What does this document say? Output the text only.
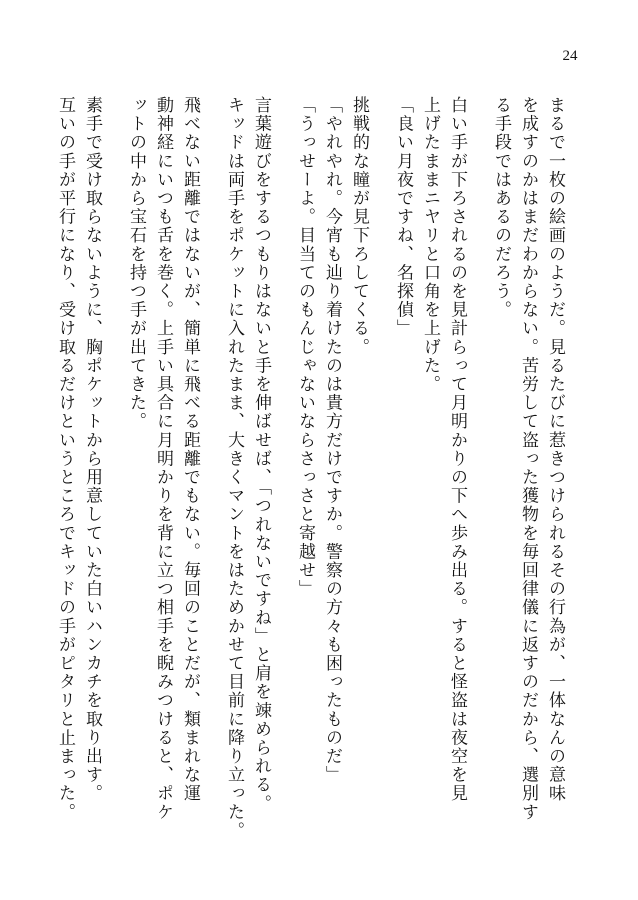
24
まるで一枚の絵画のようだ。見るたびに惹きつけられるその行為が、一体なんの意味
を成すのかはまだわからない。苦労して盗った獲物を毎回律儀に返すのだから、選別す
る手段ではあるのだろう。
白い手が下ろされるのを見計らって月明かりの下へ歩み出る。すると怪盗は夜空を見
上げたままニヤリと口角を上げた。
「良い月夜ですね、名探偵」
挑戦的な瞳が見下ろしてくる。
「やれやれ。今宵も辿り着けたのは貴方だけですか。警察の方々も困ったものだ」
「うっせーよ。目当てのもんじゃないならさっさと寄越せ」
言葉遊びをするつもりはないと手を伸ばせば、「つれないですね」と肩を竦められる。
キッドは両手をポケットに入れたまま、大きくマントをはためかせて目前に降り立った。
飛べない距離ではないが、簡単に飛べる距離でもない。毎回のことだが、類まれな運
動神経にいつも舌を巻く。上手い具合に月明かりを背に立つ相手を睨みつけると、ポケ
ットの中から宝石を持つ手が出てきた。
素手で受け取らないように、胸ポケットから用意していた白いハンカチを取り出す。
互いの手が平行になり、受け取るだけというところでキッドの手がピタリと止まった。
